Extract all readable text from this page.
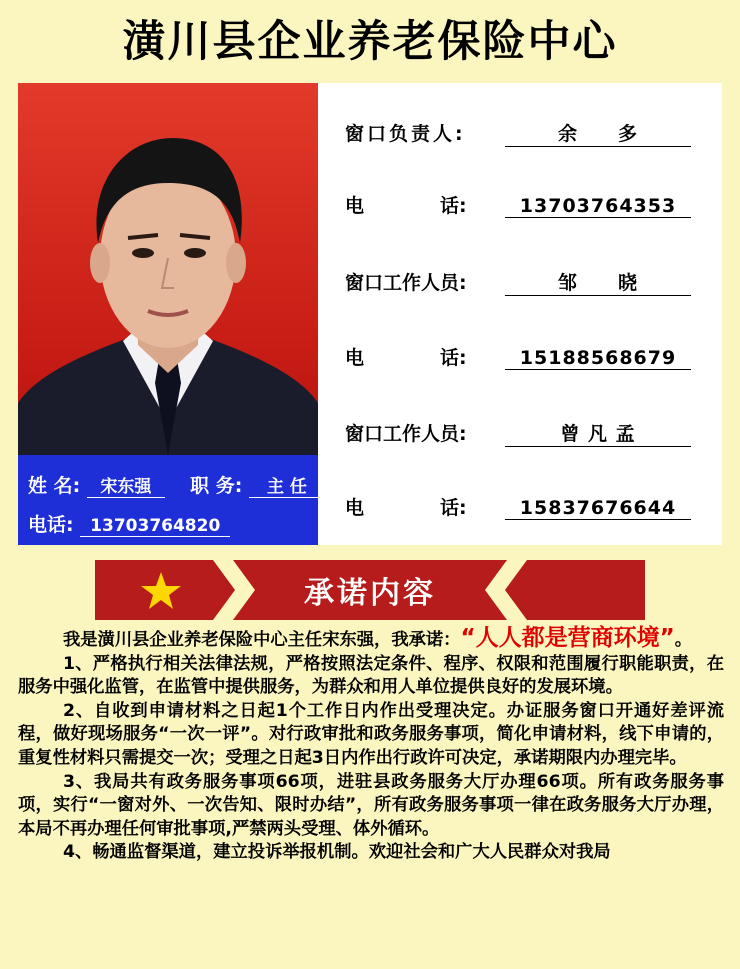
潢川县企业养老保险中心
姓 名: 宋东强 职 务: 主 任
电话: 13703764820
窗口负责人:	余　　多
电　　　　话:	13703764353
窗口工作人员:	邹　　晓
电　　　　话:	15188568679
窗口工作人员:	曾 凡 孟
电　　　　话:	15837676644
承诺内容

我是潢川县企业养老保险中心主任宋东强，我承诺：“人人都是营商环境”。

1、严格执行相关法律法规，严格按照法定条件、程序、权限和范围履行职能职责，在服务中强化监管，在监管中提供服务，为群众和用人单位提供良好的发展环境。

2、自收到申请材料之日起1个工作日内作出受理决定。办证服务窗口开通好差评流程，做好现场服务“一次一评”。对行政审批和政务服务事项，简化申请材料，线下申请的，重复性材料只需提交一次；受理之日起3日内作出行政许可决定，承诺期限内办理完毕。

3、我局共有政务服务事项66项，进驻县政务服务大厅办理66项。所有政务服务事项，实行“一窗对外、一次告知、限时办结”，所有政务服务事项一律在政务服务大厅办理，本局不再办理任何审批事项,严禁两头受理、体外循环。

4、畅通监督渠道，建立投诉举报机制。欢迎社会和广大人民群众对我局
